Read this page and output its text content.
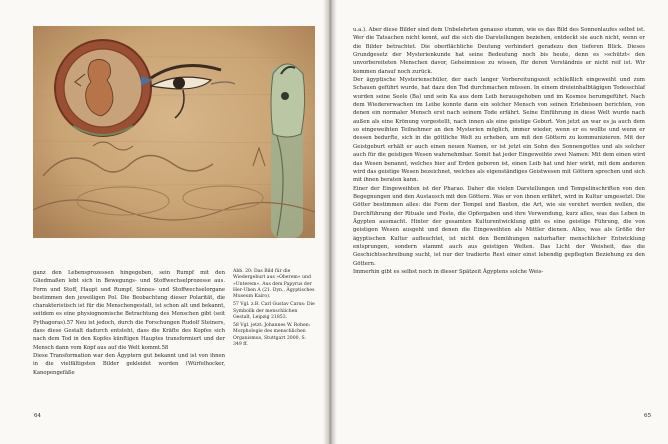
ganz den Lebensprozessen hingegeben, sein Rumpf mit den Gliedmaßen lebt sich in Bewegungs- und Stoffwechselprozesse aus. Form und Stoff, Haupt und Rumpf, Sinnes- und Stoffwechselorgane bestimmen den jeweiligen Pol. Die Beobachtung dieser Polarität, die charakteristisch ist für die Menschengestalt, ist schon alt und bekannt, seitdem es eine physiognomische Betrachtung des Menschen gibt (seit Pythagoras).57 Neu ist jedoch, durch die Forschungen Rudolf Steiners, dass diese Gestalt dadurch entsteht, dass die Kräfte des Kopfes sich nach dem Tod in den Kopfes künftigen Hauptes transformiert und der Mensch dann vom Kopf aus auf die Welt kommt.58

Diese Transformation war den Ägyptern gut bekannt und ist von ihnen in die vielfältigsten Bilder gekleidet worden (Würfelhocker, Kanopengefäße

Abb. 20: Das Bild für die Wiedergeburt aus »Oberem« und »Unterem«. Aus dem Papyrus der Her-Uben A (21. Dyn., Ägyptisches Museum Kairo).

57 Vgl. z.B. Carl Gustav Carus: Die Symbolik der menschlichen Gestalt, Leipzig 21853.

58 Vgl. jetzt: Johannes W. Rohen: Morphologie des menschlichen Organismus, Stuttgart 2000, S. 349 ff.

64

u.a.). Aber diese Bilder sind dem Unbelehrten genauso stumm, wie es das Bild des Sonnenlaufes selbst ist. Wer die Tatsachen nicht kennt, auf die sich die Darstellungen beziehen, entdeckt sie auch nicht, wenn er die Bilder betrachtet. Die oberflächliche Deutung verhindert geradezu den tieferen Blick. Dieses Grundgesetz der Mysterienkunde hat seine Bedeutung noch bis heute, denn es »schützt« den unvorbereiteten Menschen davor, Geheimnisse zu wissen, für deren Verständnis er nicht reif ist. Wir kommen darauf noch zurück.

Der ägyptische Mysterienschüler, der nach langer Vorbereitungszeit schließlich eingeweiht und zum Schauen geführt wurde, hat dazu den Tod durchmachen müssen. In einem dreieinhalbtägigen Todesschlaf wurden seine Seele (Ba) und sein Ka aus dem Leib herausgehoben und im Kosmos herumgeführt. Nach dem Wiedererwachen im Leibe konnte dann ein solcher Mensch von seinen Erlebnissen berichten, von denen ein normaler Mensch erst nach seinem Tode erfährt. Seine Einführung in diese Welt wurde nach außen als eine Krönung vorgestellt, nach innen als eine geistige Geburt. Von jetzt an war es ja auch dem so eingeweihten Teilnehmer an den Mysterien möglich, immer wieder, wenn er es wollte und wenn er dessen bedurfte, sich in die göttliche Welt zu erheben, um mit den Göttern zu kommunizieren. Mit der Geistgeburt erhält er auch einen neuen Namen, er ist jetzt ein Sohn des Sonnengottes und als solcher auch für die geistigen Wesen wahrnehmbar. Somit hat jeder Eingeweihte zwei Namen: Mit dem einen wird das Wesen benannt, welches hier auf Erden geboren ist, einen Leib hat und hier wirkt, mit dem anderen wird das geistige Wesen bezeichnet, welches als eigenständiges Geistwesen mit Göttern sprechen und sich mit ihnen beraten kann.

Einer der Eingeweihten ist der Pharao. Daher die vielen Darstellungen und Tempelinschriften von den Begegnungen und den Austausch mit den Göttern. Was er von ihnen erfährt, wird in Kultur umgesetzt. Die Götter bestimmen alles: die Form der Tempel und Bauten, die Art, wie sie verehrt werden wollen, die Durchführung der Rituale und Feste, die Opfergaben und ihre Verwendung, kurz alles, was das Leben in Ägypten ausmacht. Hinter der gesamten Kulturentwicklung gibt es eine geistige Führung, die von geistigen Wesen ausgeht und denen die Eingeweihten als Mittler dienen. Alles, was als Größe der ägyptischen Kultur aufleuchtet, ist nicht den Bemühungen naturhafter menschlicher Entwicklung entsprungen, sondern stammt auch aus geistigen Welten. Das Licht der Weisheit, das die Geschichtsschreibung sucht, ist nur der tradierte Rest einer einst lebendig gepflegten Beziehung zu den Göttern.

Immerhin gibt es selbst noch in dieser Spätzeit Ägyptens solche Weis-

65
